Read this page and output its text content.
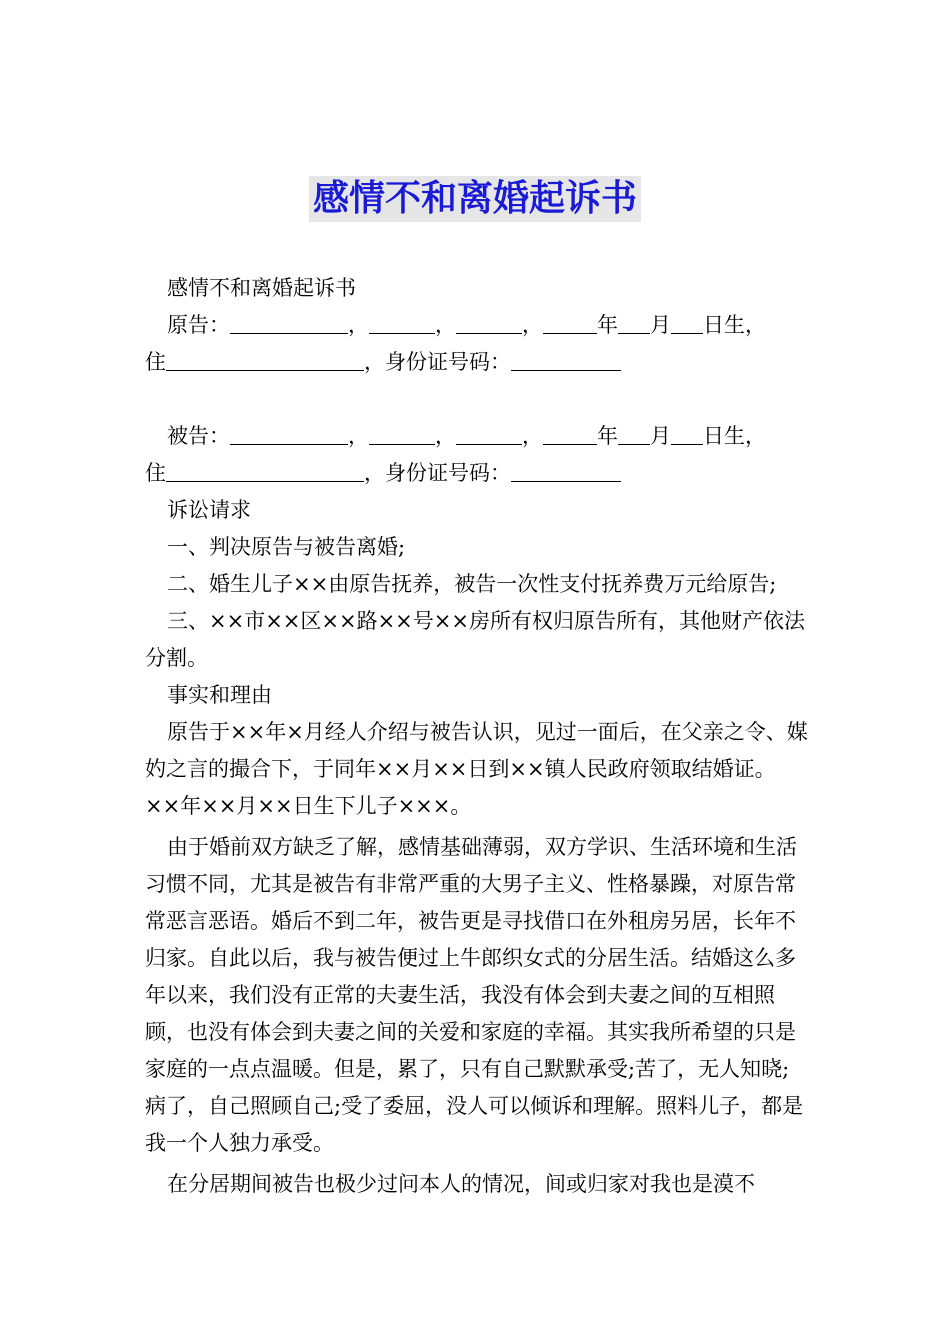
感情不和离婚起诉书

感情不和离婚起诉书

原告：	，	，	，	年 月 日生，

住	，身份证号码：

被告：	，	，	，	年 月 日生，

住	，身份证号码：

诉讼请求

一、判决原告与被告离婚;

二、婚生儿子××由原告抚养，被告一次性支付抚养费万元给原告;

三、××市××区××路××号××房所有权归原告所有，其他财产依法分割。

事实和理由

原告于××年×月经人介绍与被告认识，见过一面后，在父亲之令、媒妁之言的撮合下，于同年××月××日到××镇人民政府领取结婚证。××年××月××日生下儿子×××。

由于婚前双方缺乏了解，感情基础薄弱，双方学识、生活环境和生活习惯不同，尤其是被告有非常严重的大男子主义、性格暴躁，对原告常常恶言恶语。婚后不到二年，被告更是寻找借口在外租房另居，长年不归家。自此以后，我与被告便过上牛郎织女式的分居生活。结婚这么多年以来，我们没有正常的夫妻生活，我没有体会到夫妻之间的互相照顾，也没有体会到夫妻之间的关爱和家庭的幸福。其实我所希望的只是家庭的一点点温暖。但是，累了，只有自己默默承受;苦了，无人知晓;病了，自己照顾自己;受了委屈，没人可以倾诉和理解。照料儿子，都是我一个人独力承受。

在分居期间被告也极少过问本人的情况，间或归家对我也是漠不
